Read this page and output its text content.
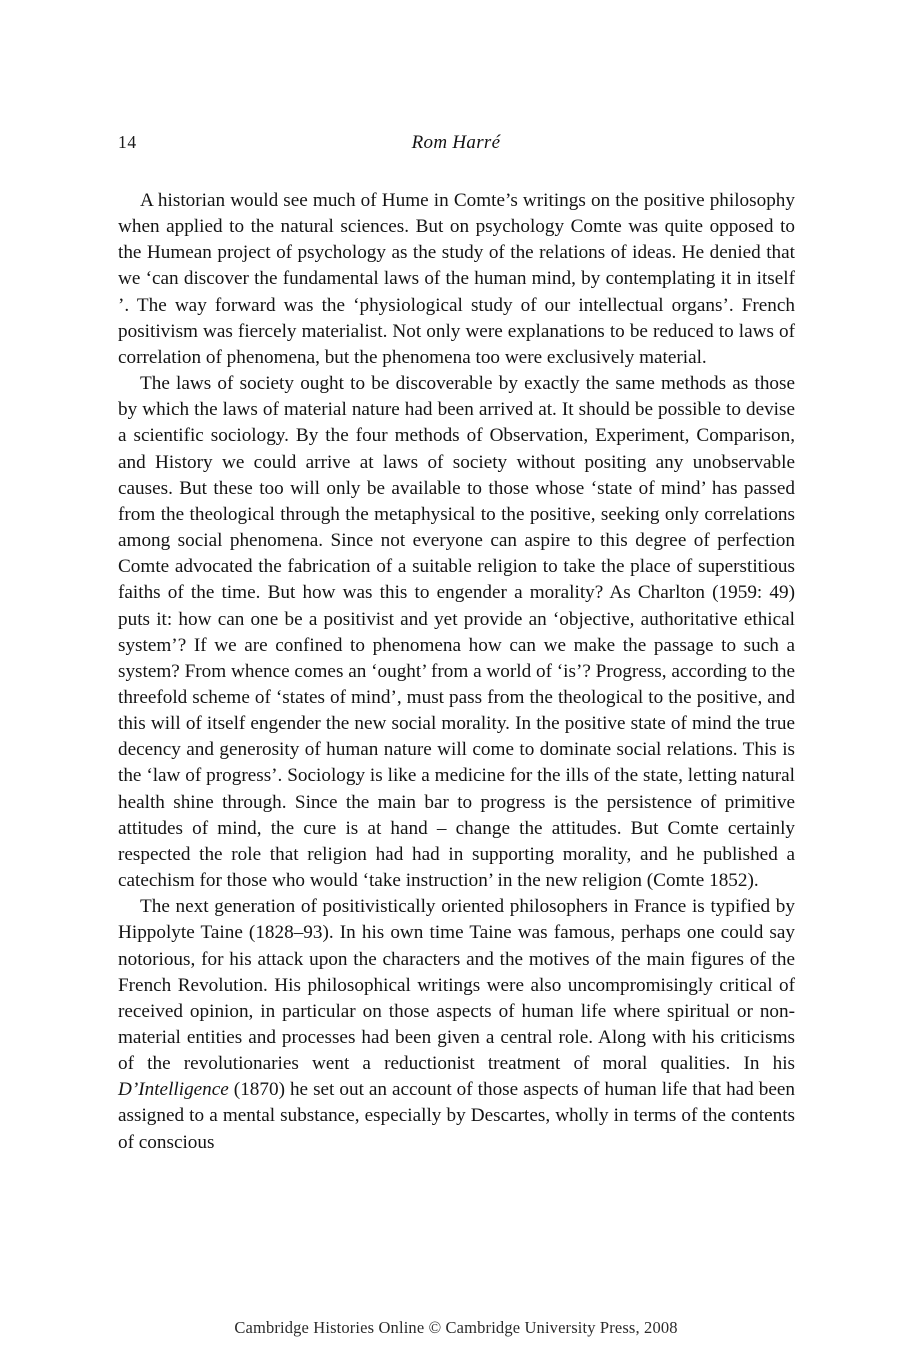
14	Rom Harré

A historian would see much of Hume in Comte’s writings on the positive philosophy when applied to the natural sciences. But on psychology Comte was quite opposed to the Humean project of psychology as the study of the relations of ideas. He denied that we ‘can discover the fundamental laws of the human mind, by contemplating it in itself ’. The way forward was the ‘physiological study of our intellectual organs’. French positivism was fiercely materialist. Not only were explanations to be reduced to laws of correlation of phenomena, but the phenomena too were exclusively material.

The laws of society ought to be discoverable by exactly the same methods as those by which the laws of material nature had been arrived at. It should be possible to devise a scientific sociology. By the four methods of Observation, Experiment, Comparison, and History we could arrive at laws of society without positing any unobservable causes. But these too will only be available to those whose ‘state of mind’ has passed from the theological through the metaphysical to the positive, seeking only correlations among social phenomena. Since not everyone can aspire to this degree of perfection Comte advocated the fabrication of a suitable religion to take the place of superstitious faiths of the time. But how was this to engender a morality? As Charlton (1959: 49) puts it: how can one be a positivist and yet provide an ‘objective, authoritative ethical system’? If we are confined to phenomena how can we make the passage to such a system? From whence comes an ‘ought’ from a world of ‘is’? Progress, according to the threefold scheme of ‘states of mind’, must pass from the theological to the positive, and this will of itself engender the new social morality. In the positive state of mind the true decency and generosity of human nature will come to dominate social relations. This is the ‘law of progress’. Sociology is like a medicine for the ills of the state, letting natural health shine through. Since the main bar to progress is the persistence of primitive attitudes of mind, the cure is at hand – change the attitudes. But Comte certainly respected the role that religion had had in supporting morality, and he published a catechism for those who would ‘take instruction’ in the new religion (Comte 1852).

The next generation of positivistically oriented philosophers in France is typified by Hippolyte Taine (1828–93). In his own time Taine was famous, perhaps one could say notorious, for his attack upon the characters and the motives of the main figures of the French Revolution. His philosophical writings were also uncompromisingly critical of received opinion, in particular on those aspects of human life where spiritual or non-material entities and processes had been given a central role. Along with his criticisms of the revolutionaries went a reductionist treatment of moral qualities. In his D’Intelligence (1870) he set out an account of those aspects of human life that had been assigned to a mental substance, especially by Descartes, wholly in terms of the contents of conscious

Cambridge Histories Online © Cambridge University Press, 2008
